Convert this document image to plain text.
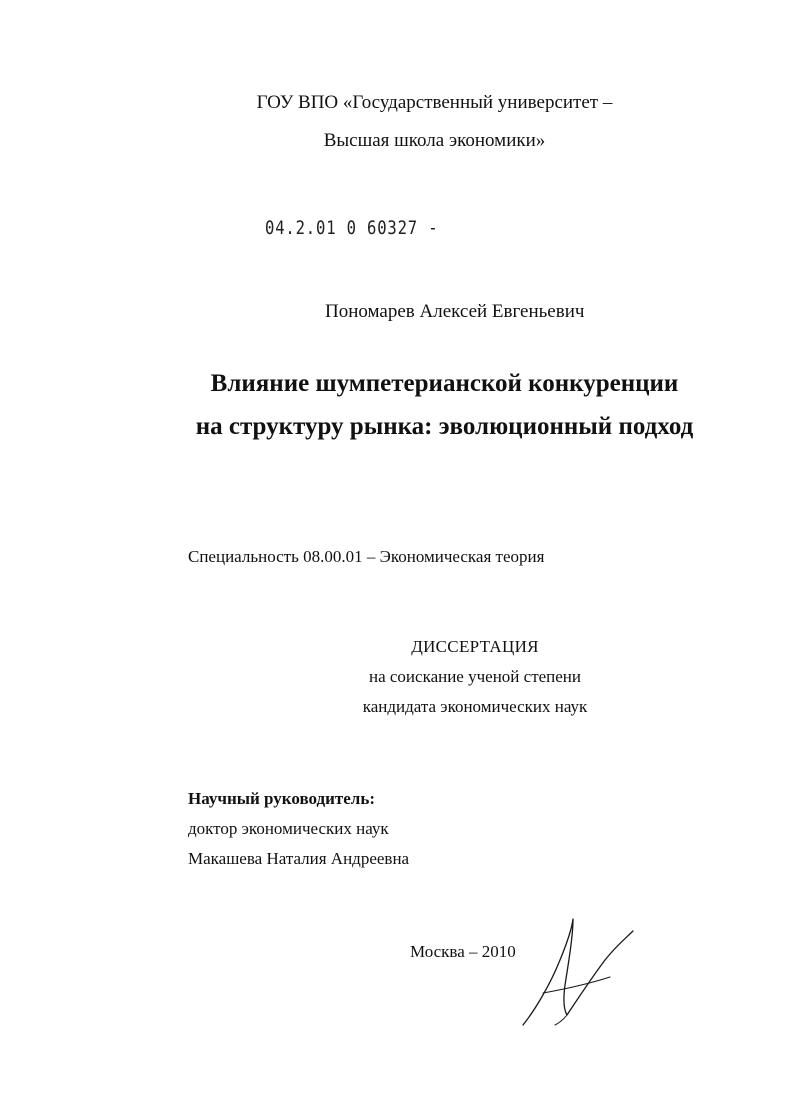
ГОУ ВПО «Государственный университет –
Высшая школа экономики»
04.2.01 0 60327 -
Пономарев Алексей Евгеньевич
Влияние шумпетерианской конкуренции
на структуру рынка: эволюционный подход
Специальность 08.00.01 – Экономическая теория
ДИССЕРТАЦИЯ
на соискание ученой степени
кандидата экономических наук
Научный руководитель:
доктор экономических наук
Макашева Наталия Андреевна
Москва – 2010
